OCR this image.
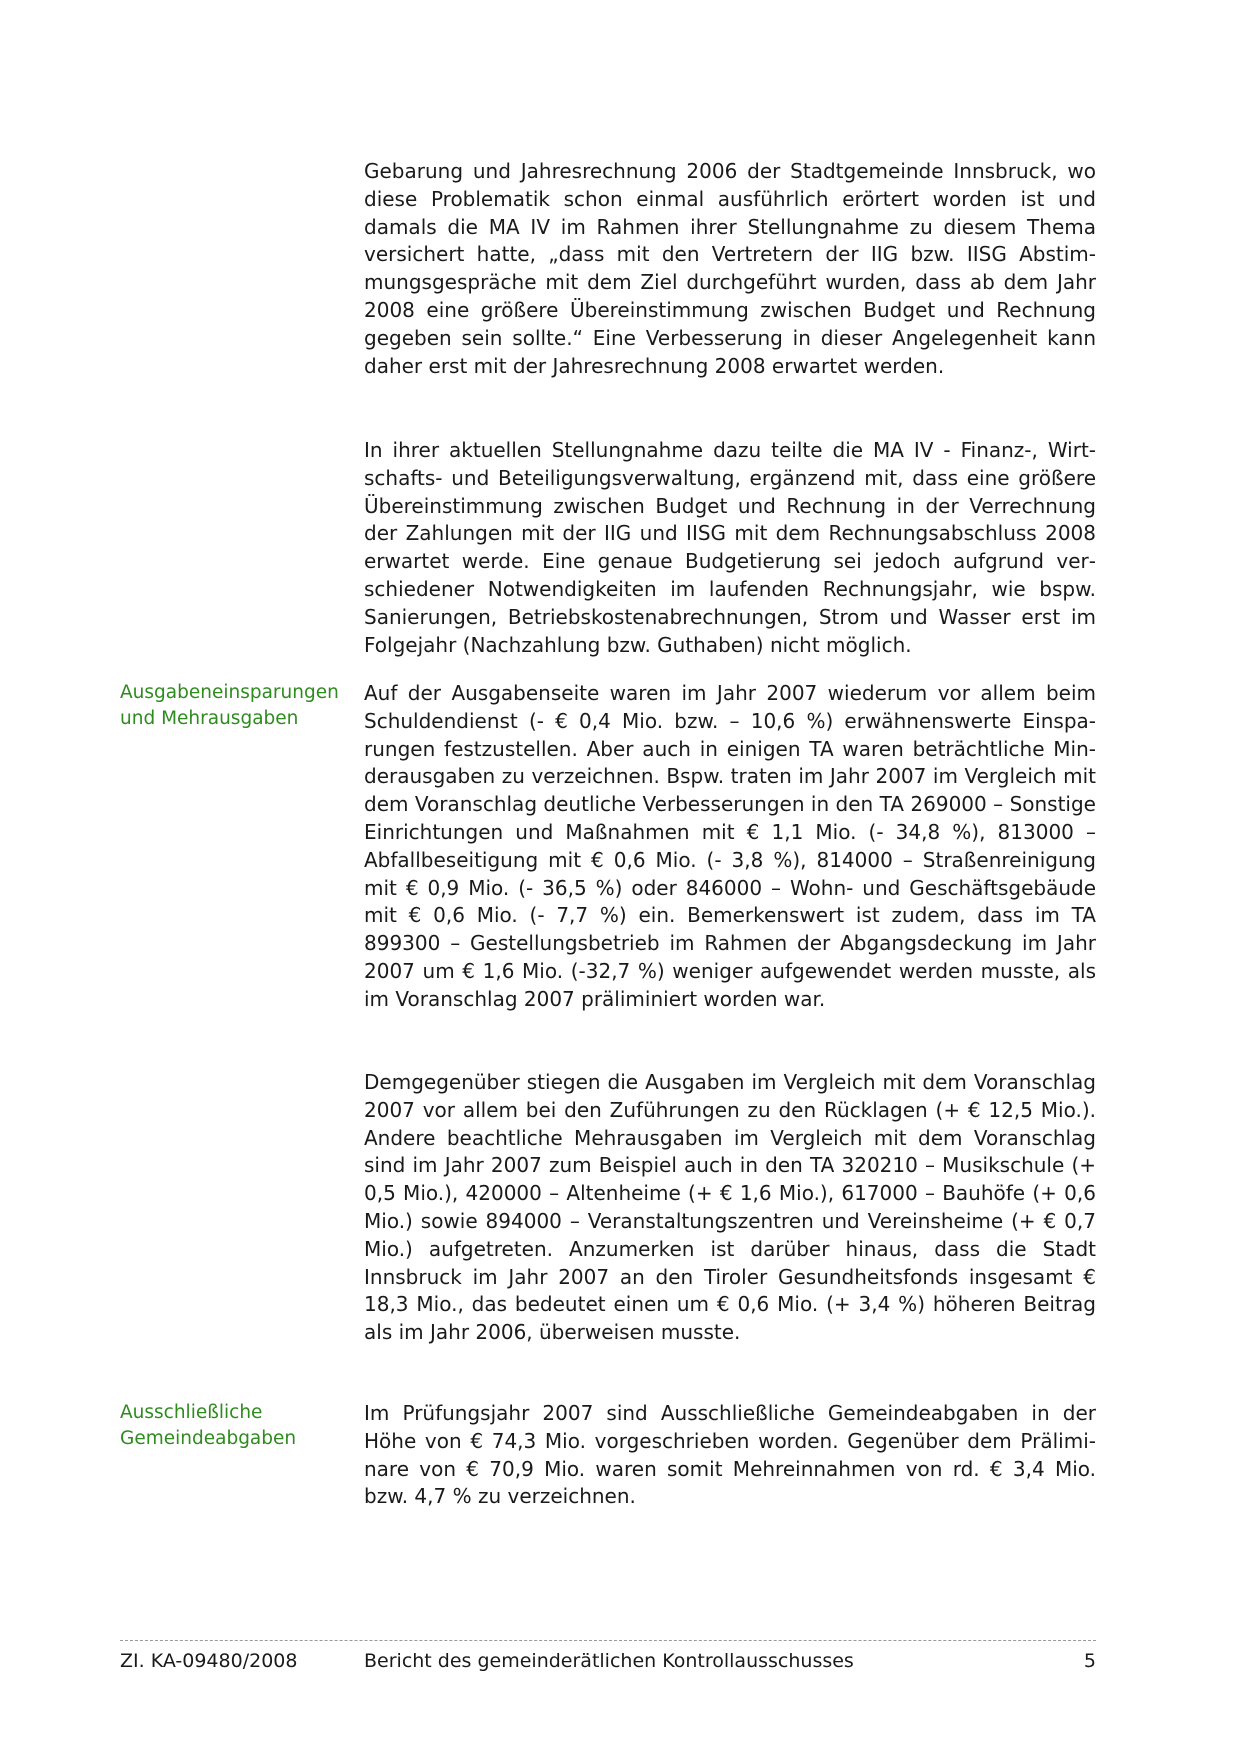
Gebarung und Jahresrechnung 2006 der Stadtgemeinde Innsbruck, wo diese Problematik schon einmal ausführlich erörtert worden ist und damals die MA IV im Rahmen ihrer Stellungnahme zu diesem Thema versichert hatte, „dass mit den Vertretern der IIG bzw. IISG Abstimmungsgespräche mit dem Ziel durchgeführt wurden, dass ab dem Jahr 2008 eine größere Übereinstimmung zwischen Budget und Rechnung gegeben sein sollte.“ Eine Verbesserung in dieser Angelegenheit kann daher erst mit der Jahresrechnung 2008 erwartet werden.

In ihrer aktuellen Stellungnahme dazu teilte die MA IV - Finanz-, Wirtschafts- und Beteiligungsverwaltung, ergänzend mit, dass eine größere Übereinstimmung zwischen Budget und Rechnung in der Verrechnung der Zahlungen mit der IIG und IISG mit dem Rechnungsabschluss 2008 erwartet werde. Eine genaue Budgetierung sei jedoch aufgrund verschiedener Notwendigkeiten im laufenden Rechnungsjahr, wie bspw. Sanierungen, Betriebskostenabrechnungen, Strom und Wasser erst im Folgejahr (Nachzahlung bzw. Guthaben) nicht möglich.

Ausgabeneinsparungen
und Mehrausgaben

Auf der Ausgabenseite waren im Jahr 2007 wiederum vor allem beim Schuldendienst (- € 0,4 Mio. bzw. – 10,6 %) erwähnenswerte Einsparungen festzustellen. Aber auch in einigen TA waren beträchtliche Minderausgaben zu verzeichnen. Bspw. traten im Jahr 2007 im Vergleich mit dem Voranschlag deutliche Verbesserungen in den TA 269000 – Sonstige Einrichtungen und Maßnahmen mit € 1,1 Mio. (- 34,8 %), 813000 – Abfallbeseitigung mit € 0,6 Mio. (- 3,8 %), 814000 – Straßenreinigung mit € 0,9 Mio. (- 36,5 %) oder 846000 – Wohn- und Geschäftsgebäude mit € 0,6 Mio. (- 7,7 %) ein. Bemerkenswert ist zudem, dass im TA 899300 – Gestellungsbetrieb im Rahmen der Abgangsdeckung im Jahr 2007 um € 1,6 Mio. (-32,7 %) weniger aufgewendet werden musste, als im Voranschlag 2007 präliminiert worden war.

Demgegenüber stiegen die Ausgaben im Vergleich mit dem Voranschlag 2007 vor allem bei den Zuführungen zu den Rücklagen (+ € 12,5 Mio.). Andere beachtliche Mehrausgaben im Vergleich mit dem Voranschlag sind im Jahr 2007 zum Beispiel auch in den TA 320210 – Musikschule (+ 0,5 Mio.), 420000 – Altenheime (+ € 1,6 Mio.), 617000 – Bauhöfe (+ 0,6 Mio.) sowie 894000 – Veranstaltungszentren und Vereinsheime (+ € 0,7 Mio.) aufgetreten. Anzumerken ist darüber hinaus, dass die Stadt Innsbruck im Jahr 2007 an den Tiroler Gesundheitsfonds insgesamt € 18,3 Mio., das bedeutet einen um € 0,6 Mio. (+ 3,4 %) höheren Beitrag als im Jahr 2006, überweisen musste.

Ausschließliche
Gemeindeabgaben

Im Prüfungsjahr 2007 sind Ausschließliche Gemeindeabgaben in der Höhe von € 74,3 Mio. vorgeschrieben worden. Gegenüber dem Präliminare von € 70,9 Mio. waren somit Mehreinnahmen von rd. € 3,4 Mio. bzw. 4,7 % zu verzeichnen.

ZI. KA-09480/2008	Bericht des gemeinderätlichen Kontrollausschusses	5
